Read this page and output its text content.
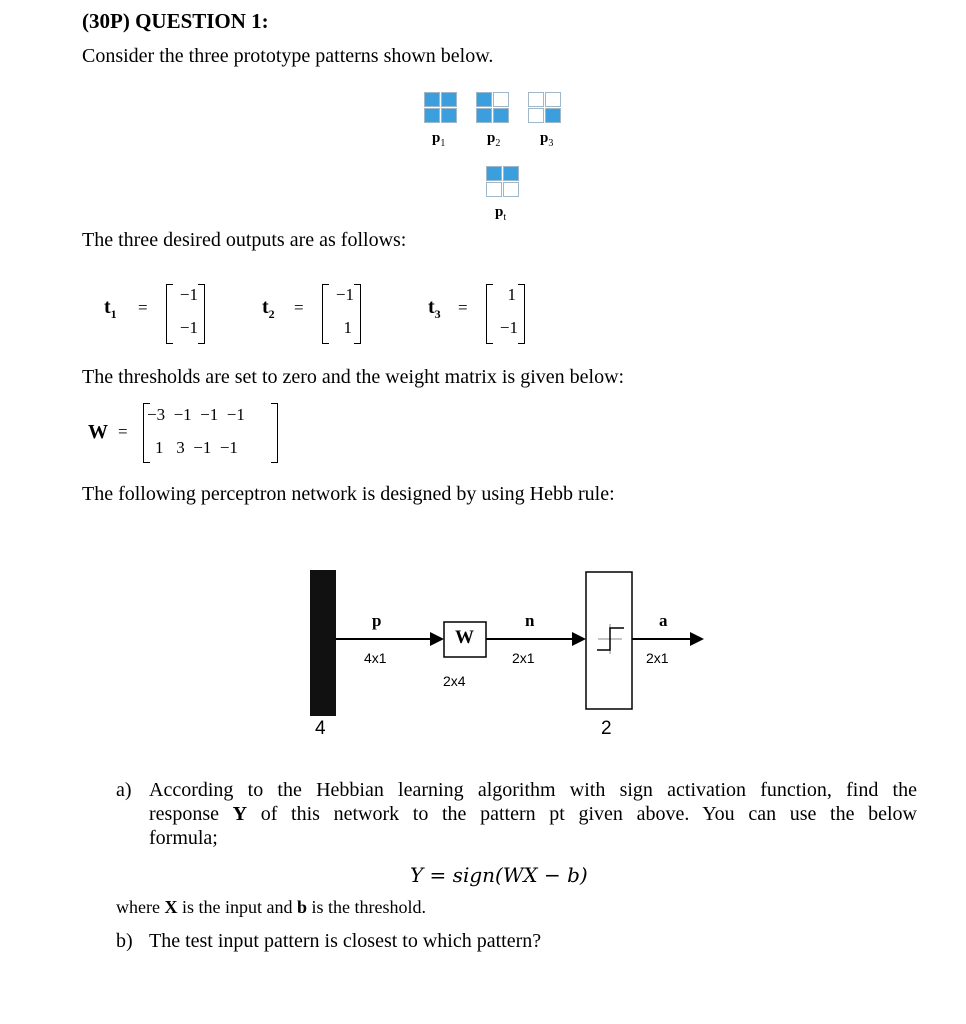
(30P) QUESTION 1:
Consider the three prototype patterns shown below.
$p_1$	$p_2$	$p_3$
$p_t$
The three desired outputs are as follows:
$t_1$ =
−1
−1
$t_2$ =
−1
1
$t_3$ =
1
−1
The thresholds are set to zero and the weight matrix is given below:
W =
−3  −1  −1  −1
1   3  −1  −1
The following perceptron network is designed by using Hebb rule:
p
4x1
W
2x4
n
2x1
a
2x1
4	2
a) According to the Hebbian learning algorithm with sign activation function, find the
response Y of this network to the pattern pt given above. You can use the below
formula;
Y = sign(WX − b)
where X is the input and b is the threshold.
b) The test input pattern is closest to which pattern?
